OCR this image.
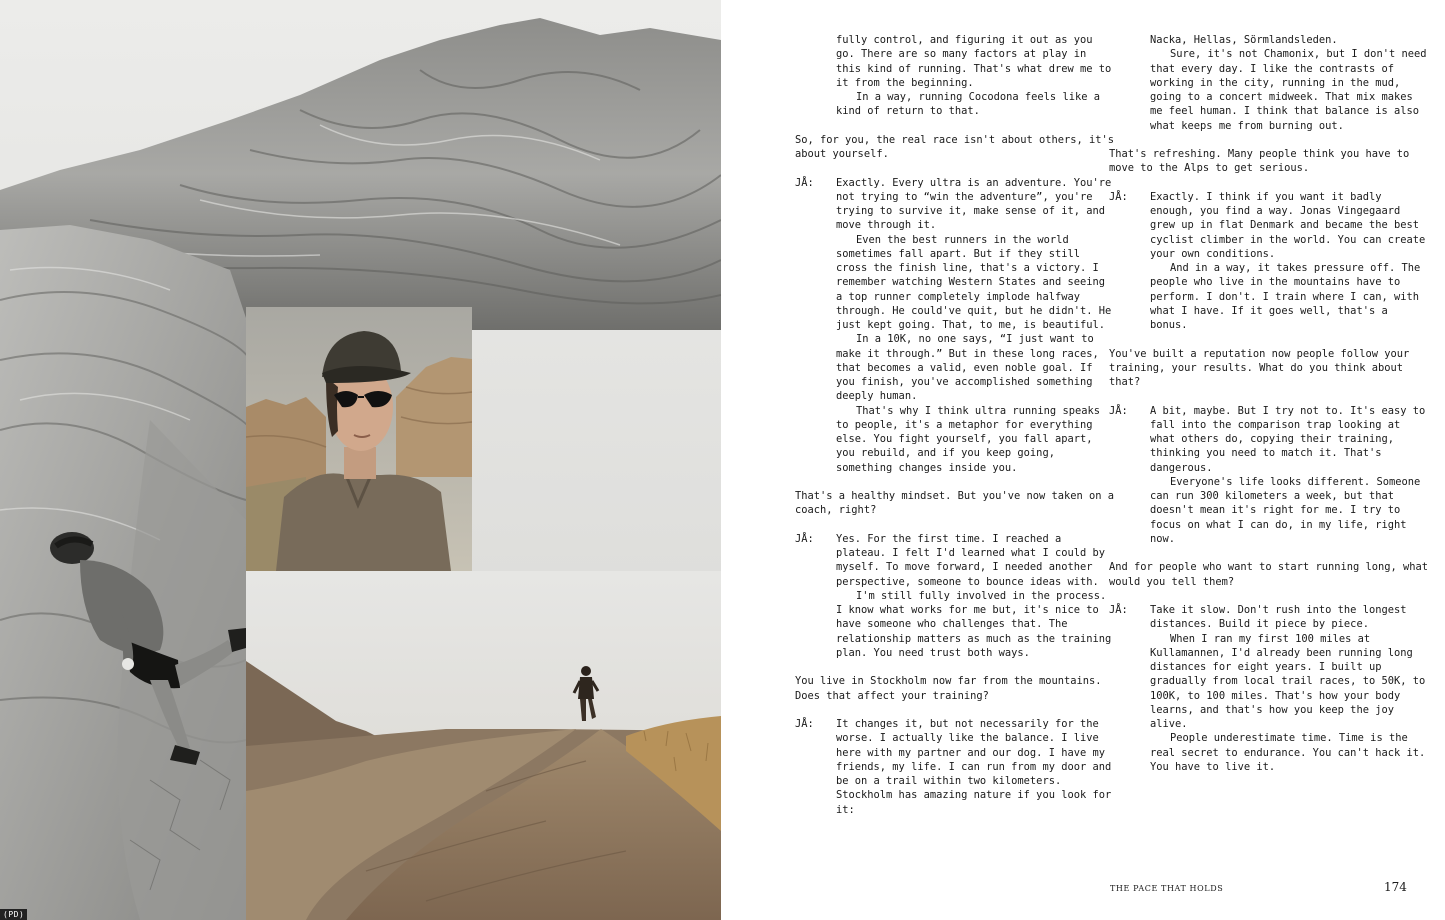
(PD)

fully control, and figuring it out as you go. There are so many factors at play in this kind of running. That's what drew me to it from the beginning.

In a way, running Cocodona feels like a kind of return to that.

So, for you, the real race isn't about others, it's about yourself.
JÅ: Exactly. Every ultra is an adventure. You're not trying to “win the adventure”, you're trying to survive it, make sense of it, and move through it.

Even the best runners in the world sometimes fall apart. But if they still cross the finish line, that's a victory. I remember watching Western States and seeing a top runner completely implode halfway through. He could've quit, but he didn't. He just kept going. That, to me, is beautiful.

In a 10K, no one says, “I just want to make it through.” But in these long races, that becomes a valid, even noble goal. If you finish, you've accomplished something deeply human.

That's why I think ultra running speaks to people, it's a metaphor for everything else. You fight yourself, you fall apart, you rebuild, and if you keep going, something changes inside you.

That's a healthy mindset. But you've now taken on a coach, right?
JÅ: Yes. For the first time. I reached a plateau. I felt I'd learned what I could by myself. To move forward, I needed another perspective, someone to bounce ideas with.

I'm still fully involved in the process. I know what works for me but, it's nice to have someone who challenges that. The relationship matters as much as the training plan. You need trust both ways.

You live in Stockholm now far from the mountains. Does that affect your training?
JÅ: It changes it, but not necessarily for the worse. I actually like the balance. I live here with my partner and our dog. I have my friends, my life. I can run from my door and be on a trail within two kilometers. Stockholm has amazing nature if you look for it:

Nacka, Hellas, Sörmlandsleden.

Sure, it's not Chamonix, but I don't need that every day. I like the contrasts of working in the city, running in the mud, going to a concert midweek. That mix makes me feel human. I think that balance is also what keeps me from burning out.

That's refreshing. Many people think you have to move to the Alps to get serious.
JÅ: Exactly. I think if you want it badly enough, you find a way. Jonas Vingegaard grew up in flat Denmark and became the best cyclist climber in the world. You can create your own conditions.

And in a way, it takes pressure off. The people who live in the mountains have to perform. I don't. I train where I can, with what I have. If it goes well, that's a bonus.

You've built a reputation now people follow your training, your results. What do you think about that?
JÅ: A bit, maybe. But I try not to. It's easy to fall into the comparison trap looking at what others do, copying their training, thinking you need to match it. That's dangerous.

Everyone's life looks different. Someone can run 300 kilometers a week, but that doesn't mean it's right for me. I try to focus on what I can do, in my life, right now.

And for people who want to start running long, what would you tell them?
JÅ: Take it slow. Don't rush into the longest distances. Build it piece by piece.

When I ran my first 100 miles at Kullamannen, I'd already been running long distances for eight years. I built up gradually from local trail races, to 50K, to 100K, to 100 miles. That's how your body learns, and that's how you keep the joy alive.

People underestimate time. Time is the real secret to endurance. You can't hack it. You have to live it.

THE PACE THAT HOLDS	174
